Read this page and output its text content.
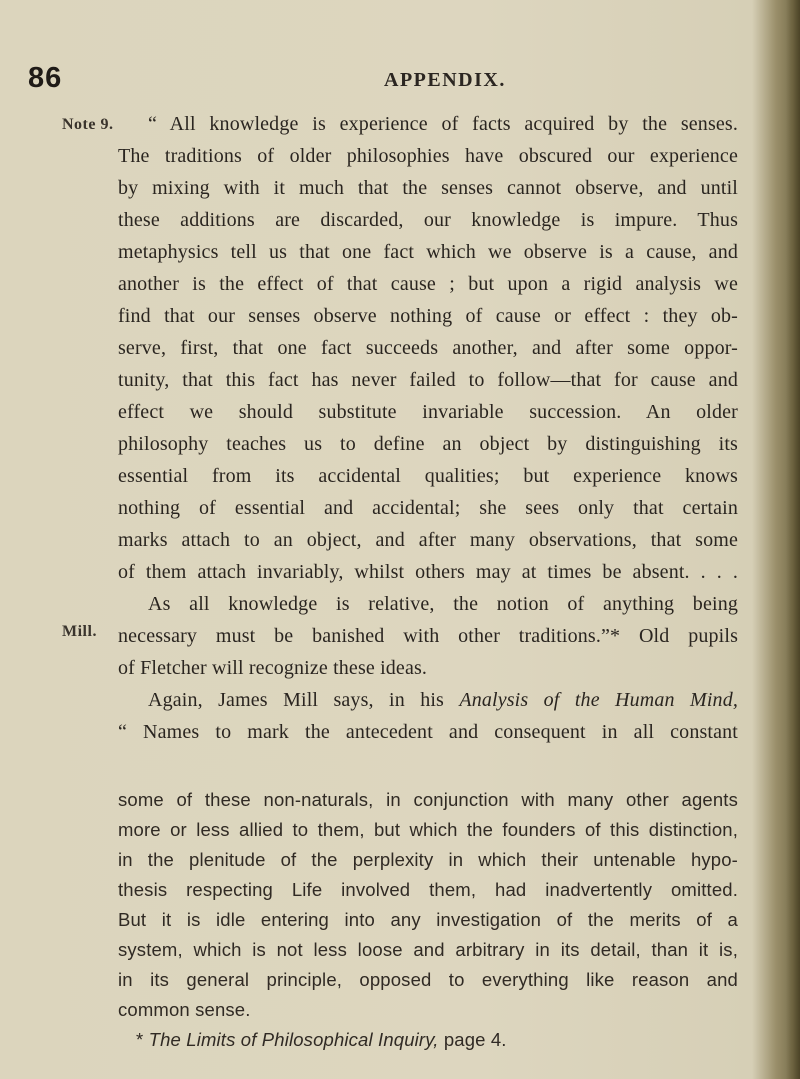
86	APPENDIX.
Note 9.
Mill.
“ All knowledge is experience of facts acquired by the senses.
The traditions of older philosophies have obscured our experience
by mixing with it much that the senses cannot observe, and until
these additions are discarded, our knowledge is impure. Thus
metaphysics tell us that one fact which we observe is a cause, and
another is the effect of that cause ; but upon a rigid analysis we
find that our senses observe nothing of cause or effect : they ob-
serve, first, that one fact succeeds another, and after some oppor-
tunity, that this fact has never failed to follow—that for cause and
effect we should substitute invariable succession. An older
philosophy teaches us to define an object by distinguishing its
essential from its accidental qualities; but experience knows
nothing of essential and accidental; she sees only that certain
marks attach to an object, and after many observations, that some
of them attach invariably, whilst others may at times be absent. . . .
As all knowledge is relative, the notion of anything being
necessary must be banished with other traditions.”* Old pupils
of Fletcher will recognize these ideas.
Again, James Mill says, in his Analysis of the Human Mind,
“ Names to mark the antecedent and consequent in all constant
some of these non-naturals, in conjunction with many other agents
more or less allied to them, but which the founders of this distinction,
in the plenitude of the perplexity in which their untenable hypo-
thesis respecting Life involved them, had inadvertently omitted.
But it is idle entering into any investigation of the merits of a
system, which is not less loose and arbitrary in its detail, than it is,
in its general principle, opposed to everything like reason and
common sense.
* The Limits of Philosophical Inquiry, page 4.
